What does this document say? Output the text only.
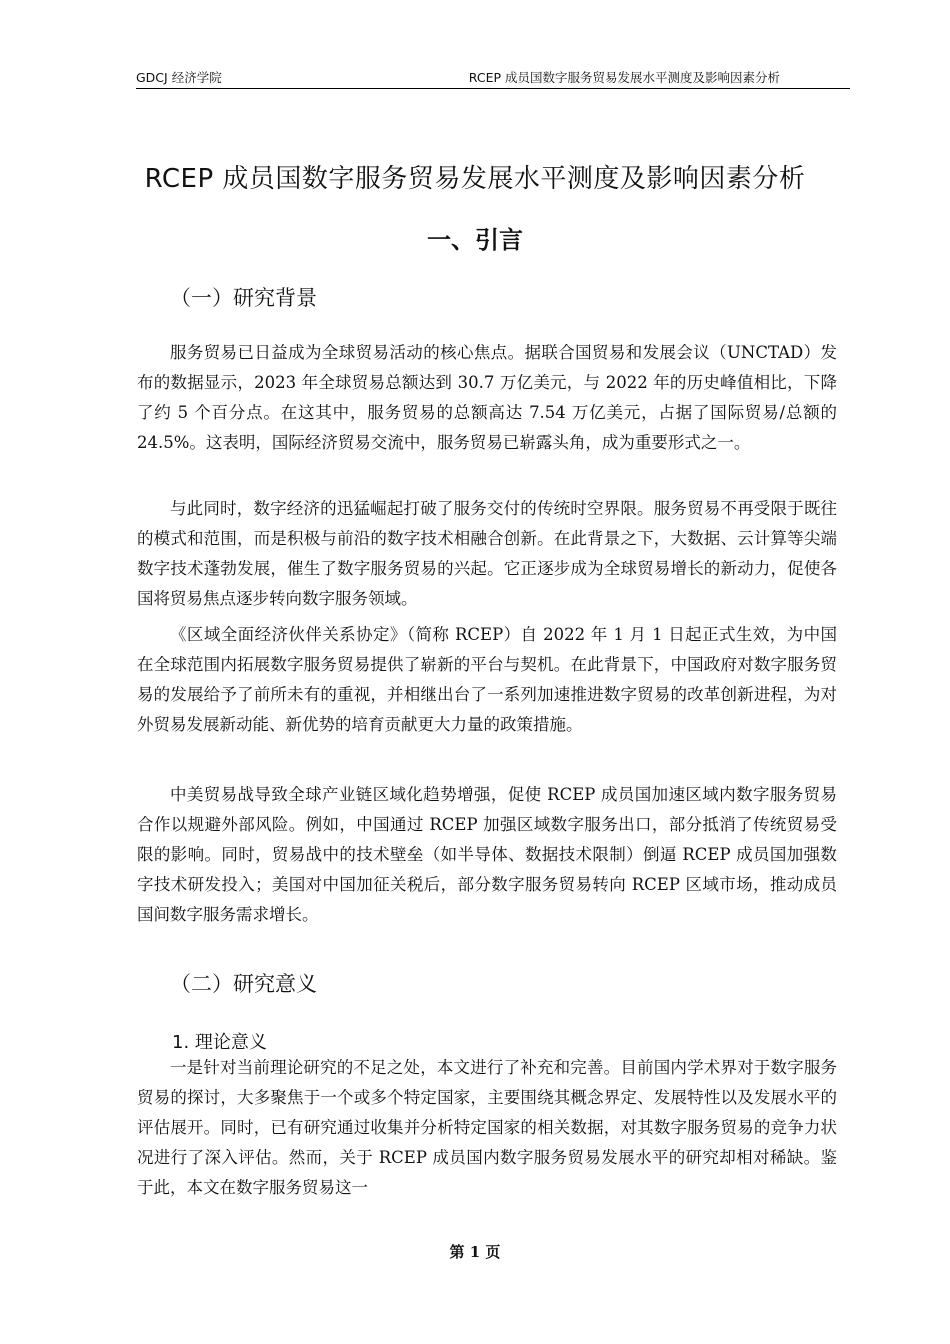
GDCJ 经济学院	RCEP 成员国数字服务贸易发展水平测度及影响因素分析
RCEP 成员国数字服务贸易发展水平测度及影响因素分析
一、引言
（一）研究背景

服务贸易已日益成为全球贸易活动的核心焦点。据联合国贸易和发展会议（UNCTAD）发布的数据显示，2023 年全球贸易总额达到 30.7 万亿美元，与 2022 年的历史峰值相比，下降了约 5 个百分点。在这其中，服务贸易的总额高达 7.54 万亿美元，占据了国际贸易/总额的 24.5%。这表明，国际经济贸易交流中，服务贸易已崭露头角，成为重要形式之一。

与此同时，数字经济的迅猛崛起打破了服务交付的传统时空界限。服务贸易不再受限于既往的模式和范围，而是积极与前沿的数字技术相融合创新。在此背景之下，大数据、云计算等尖端数字技术蓬勃发展，催生了数字服务贸易的兴起。它正逐步成为全球贸易增长的新动力，促使各国将贸易焦点逐步转向数字服务领域。

《区域全面经济伙伴关系协定》（简称 RCEP）自 2022 年 1 月 1 日起正式生效，为中国在全球范围内拓展数字服务贸易提供了崭新的平台与契机。在此背景下，中国政府对数字服务贸易的发展给予了前所未有的重视，并相继出台了一系列加速推进数字贸易的改革创新进程，为对外贸易发展新动能、新优势的培育贡献更大力量的政策措施。

中美贸易战导致全球产业链区域化趋势增强，促使 RCEP 成员国加速区域内数字服务贸易合作以规避外部风险。例如，中国通过 RCEP 加强区域数字服务出口，部分抵消了传统贸易受限的影响。同时，贸易战中的技术壁垒（如半导体、数据技术限制）倒逼 RCEP 成员国加强数字技术研发投入；美国对中国加征关税后，部分数字服务贸易转向 RCEP 区域市场，推动成员国间数字服务需求增长。

（二）研究意义
1. 理论意义

一是针对当前理论研究的不足之处，本文进行了补充和完善。目前国内学术界对于数字服务贸易的探讨，大多聚焦于一个或多个特定国家，主要围绕其概念界定、发展特性以及发展水平的评估展开。同时，已有研究通过收集并分析特定国家的相关数据，对其数字服务贸易的竞争力状况进行了深入评估。然而，关于 RCEP 成员国内数字服务贸易发展水平的研究却相对稀缺。鉴于此，本文在数字服务贸易这一

第 1 页
